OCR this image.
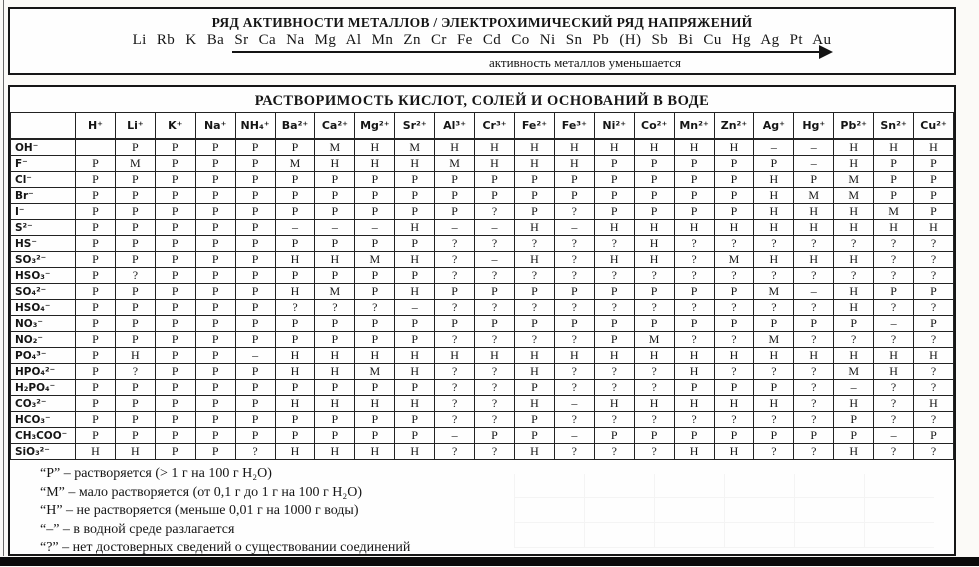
РЯД АКТИВНОСТИ МЕТАЛЛОВ / ЭЛЕКТРОХИМИЧЕСКИЙ РЯД НАПРЯЖЕНИЙ
Li Rb K Ba Sr Ca Na Mg Al Mn Zn Cr Fe Cd Co Ni Sn Pb (H) Sb Bi Cu Hg Ag Pt Au
активность металлов уменьшается
РАСТВОРИМОСТЬ КИСЛОТ, СОЛЕЙ И ОСНОВАНИЙ В ВОДЕ
	H⁺	Li⁺	K⁺	Na⁺	NH₄⁺	Ba²⁺	Ca²⁺	Mg²⁺	Sr²⁺	Al³⁺	Cr³⁺	Fe²⁺	Fe³⁺	Ni²⁺	Co²⁺	Mn²⁺	Zn²⁺	Ag⁺	Hg⁺	Pb²⁺	Sn²⁺	Cu²⁺
OH⁻		Р	Р	Р	Р	Р	М	Н	М	Н	Н	Н	Н	Н	Н	Н	Н	–	–	Н	Н	Н
F⁻	Р	М	Р	Р	Р	М	Н	Н	Н	М	Н	Н	Н	Р	Р	Р	Р	Р	–	Н	Р	Р
Cl⁻	Р	Р	Р	Р	Р	Р	Р	Р	Р	Р	Р	Р	Р	Р	Р	Р	Р	Н	Р	М	Р	Р
Br⁻	Р	Р	Р	Р	Р	Р	Р	Р	Р	Р	Р	Р	Р	Р	Р	Р	Р	Н	М	М	Р	Р
I⁻	Р	Р	Р	Р	Р	Р	Р	Р	Р	Р	?	Р	?	Р	Р	Р	Р	Н	Н	Н	М	Р
S²⁻	Р	Р	Р	Р	Р	–	–	–	Н	–	–	Н	–	Н	Н	Н	Н	Н	Н	Н	Н	Н
HS⁻	Р	Р	Р	Р	Р	Р	Р	Р	Р	?	?	?	?	?	Н	?	?	?	?	?	?	?
SO₃²⁻	Р	Р	Р	Р	Р	Н	Н	М	Н	?	–	Н	?	Н	Н	?	М	Н	Н	Н	?	?
HSO₃⁻	Р	?	Р	Р	Р	Р	Р	Р	Р	?	?	?	?	?	?	?	?	?	?	?	?	?
SO₄²⁻	Р	Р	Р	Р	Р	Н	М	Р	Н	Р	Р	Р	Р	Р	Р	Р	Р	М	–	Н	Р	Р
HSO₄⁻	Р	Р	Р	Р	Р	?	?	?	–	?	?	?	?	?	?	?	?	?	?	Н	?	?
NO₃⁻	Р	Р	Р	Р	Р	Р	Р	Р	Р	Р	Р	Р	Р	Р	Р	Р	Р	Р	Р	Р	–	Р
NO₂⁻	Р	Р	Р	Р	Р	Р	Р	Р	Р	?	?	?	?	Р	М	?	?	М	?	?	?	?
PO₄³⁻	Р	Н	Р	Р	–	Н	Н	Н	Н	Н	Н	Н	Н	Н	Н	Н	Н	Н	Н	Н	Н	Н
HPO₄²⁻	Р	?	Р	Р	Р	Н	Н	М	Н	?	?	Н	?	?	?	Н	?	?	?	М	Н	?
H₂PO₄⁻	Р	Р	Р	Р	Р	Р	Р	Р	Р	?	?	Р	?	?	?	Р	Р	Р	?	–	?	?
CO₃²⁻	Р	Р	Р	Р	Р	Н	Н	Н	Н	?	?	Н	–	Н	Н	Н	Н	Н	?	Н	?	Н
HCO₃⁻	Р	Р	Р	Р	Р	Р	Р	Р	Р	?	?	Р	?	?	?	?	?	?	?	Р	?	?
CH₃COO⁻	Р	Р	Р	Р	Р	Р	Р	Р	Р	–	Р	Р	–	Р	Р	Р	Р	Р	Р	Р	–	Р
SiO₃²⁻	Н	Н	Р	Р	?	Н	Н	Н	Н	?	?	Н	?	?	?	Н	Н	?	?	Н	?	?
“Р” – растворяется (> 1 г на 100 г H₂O)
“М” – мало растворяется (от 0,1 г до 1 г на 100 г H₂O)
“Н” – не растворяется (меньше 0,01 г на 1000 г воды)
“–” – в водной среде разлагается
“?” – нет достоверных сведений о существовании соединений
